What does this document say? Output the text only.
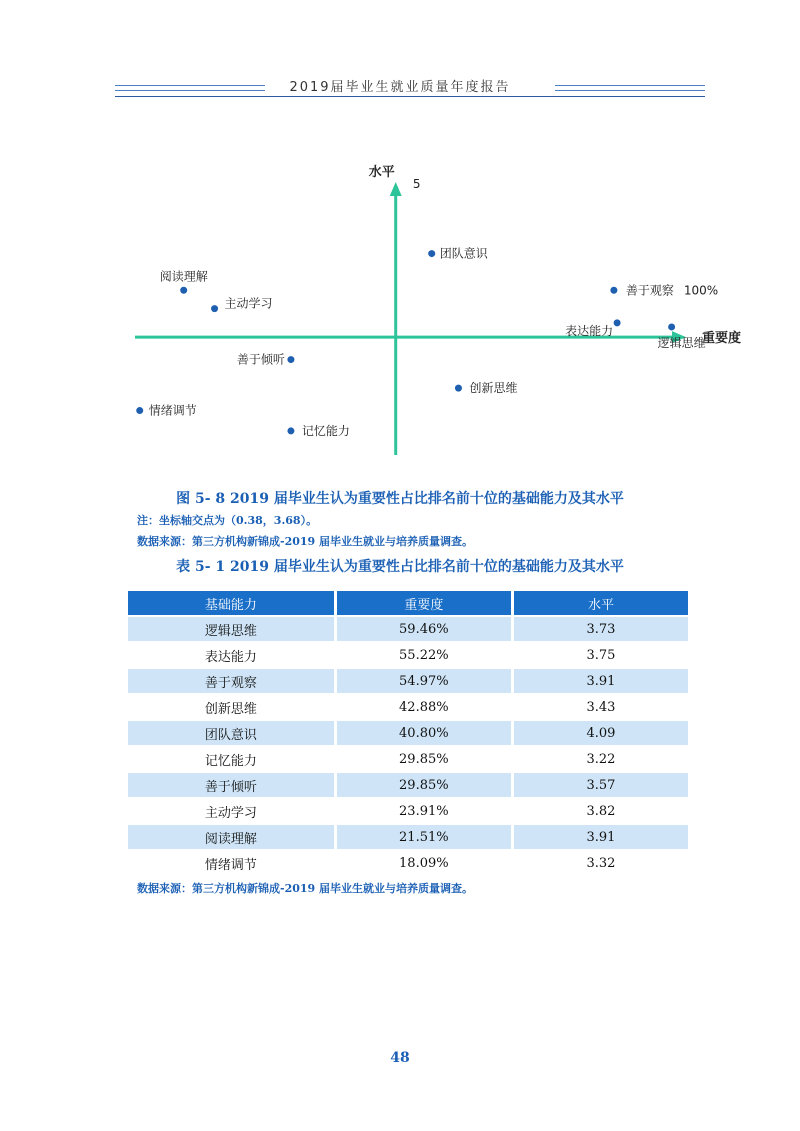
2019届毕业生就业质量年度报告
水平
5
重要度
逻辑思维
表达能力
善于观察 100%
创新思维
团队意识
记忆能力
善于倾听
主动学习
阅读理解
情绪调节
图 5- 8 2019 届毕业生认为重要性占比排名前十位的基础能力及其水平
注：坐标轴交点为（0.38，3.68）。
数据来源：第三方机构新锦成-2019 届毕业生就业与培养质量调查。
表 5- 1 2019 届毕业生认为重要性占比排名前十位的基础能力及其水平
基础能力	重要度	水平
逻辑思维	59.46%	3.73
表达能力	55.22%	3.75
善于观察	54.97%	3.91
创新思维	42.88%	3.43
团队意识	40.80%	4.09
记忆能力	29.85%	3.22
善于倾听	29.85%	3.57
主动学习	23.91%	3.82
阅读理解	21.51%	3.91
情绪调节	18.09%	3.32
数据来源：第三方机构新锦成-2019 届毕业生就业与培养质量调查。
48
